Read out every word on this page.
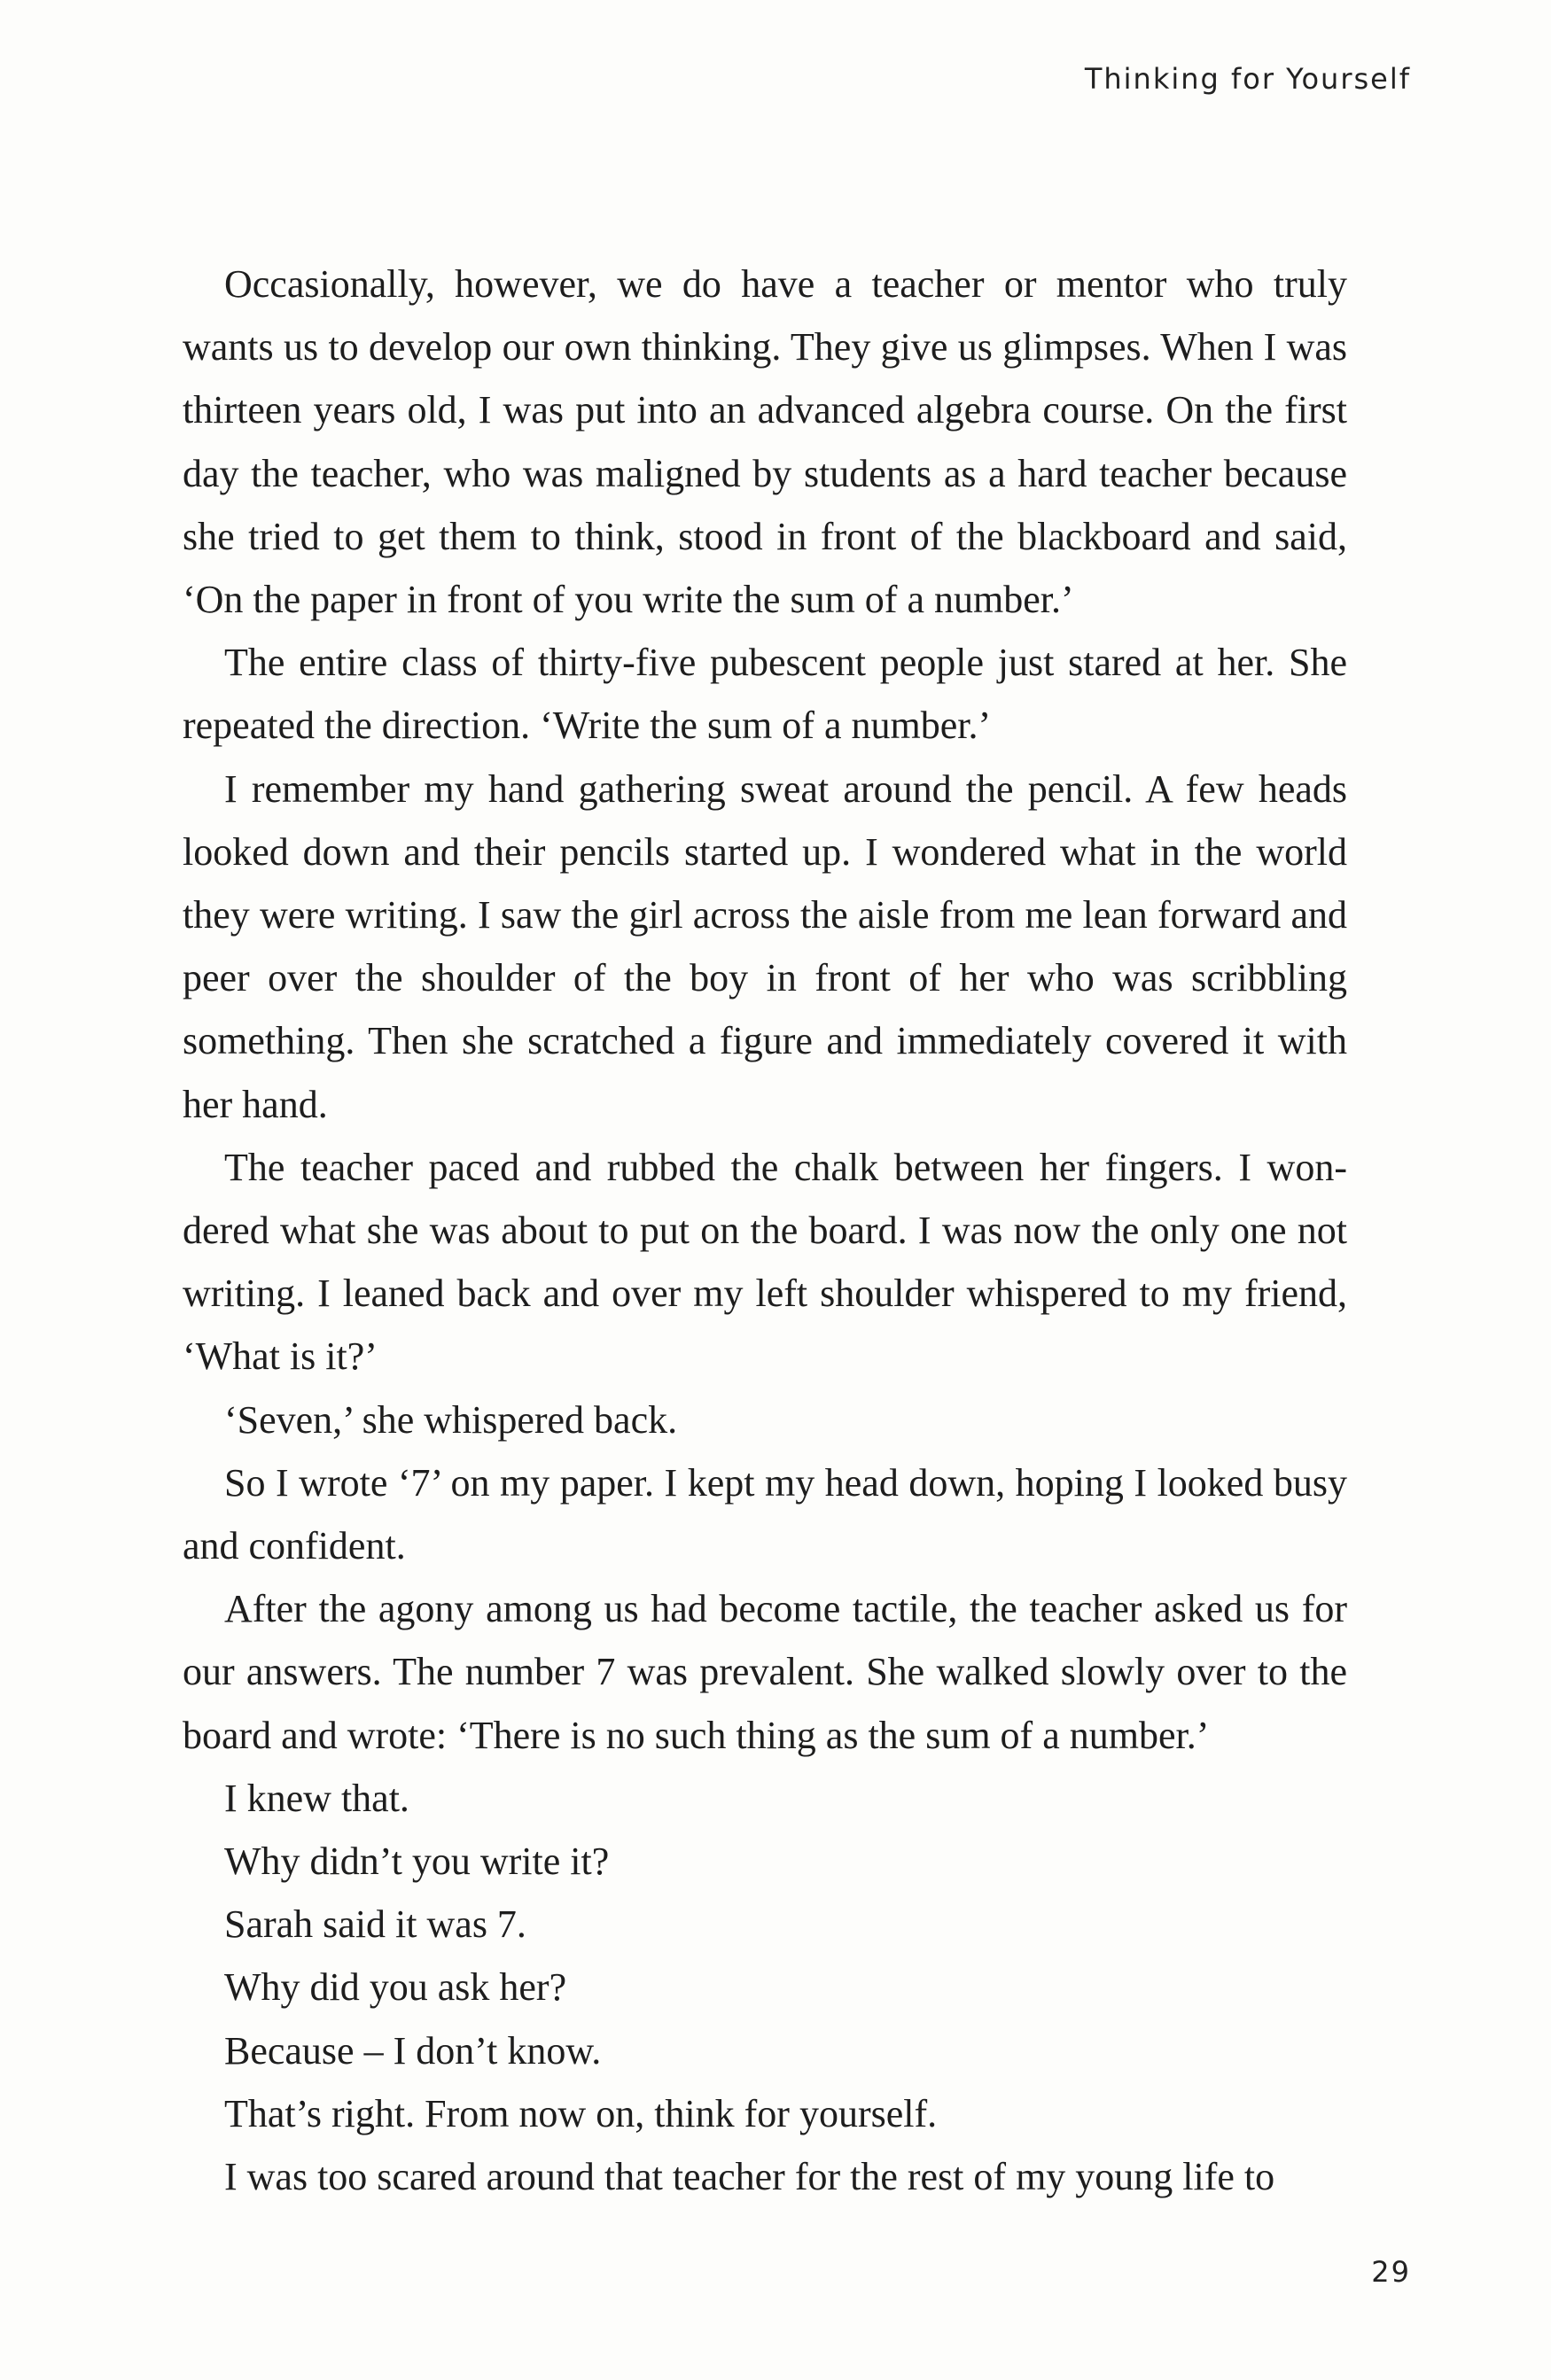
Thinking for Yourself

Occasionally, however, we do have a teacher or mentor who truly wants us to develop our own thinking. They give us glimpses. When I was thirteen years old, I was put into an advanced algebra course. On the first day the teacher, who was maligned by students as a hard teacher because she tried to get them to think, stood in front of the blackboard and said, ‘On the paper in front of you write the sum of a number.’

The entire class of thirty-five pubescent people just stared at her. She repeated the direction. ‘Write the sum of a number.’

I remember my hand gathering sweat around the pencil. A few heads looked down and their pencils started up. I wondered what in the world they were writing. I saw the girl across the aisle from me lean forward and peer over the shoulder of the boy in front of her who was scribbling something. Then she scratched a figure and immediately covered it with her hand.

The teacher paced and rubbed the chalk between her fingers. I wondered what she was about to put on the board. I was now the only one not writing. I leaned back and over my left shoulder whispered to my friend, ‘What is it?’

‘Seven,’ she whispered back.

So I wrote ‘7’ on my paper. I kept my head down, hoping I looked busy and confident.

After the agony among us had become tactile, the teacher asked us for our answers. The number 7 was prevalent. She walked slowly over to the board and wrote: ‘There is no such thing as the sum of a number.’

I knew that.

Why didn’t you write it?

Sarah said it was 7.

Why did you ask her?

Because – I don’t know.

That’s right. From now on, think for yourself.

I was too scared around that teacher for the rest of my young life to

29
